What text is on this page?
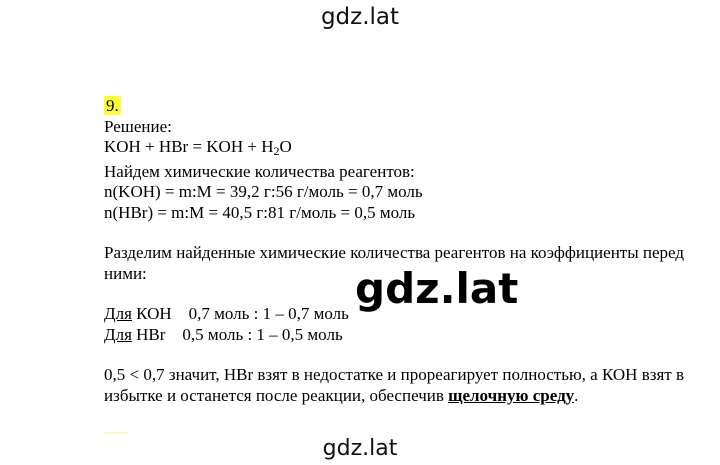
gdz.lat
9.
Решение:
KOH + HBr = KOH + $H_2O$
Найдем химические количества реагентов:
n(KOH) = m:M = 39,2 г:56 г/моль = 0,7 моль
n(HBr) = m:M = 40,5 г:81 г/моль = 0,5 моль
Разделим найденные химические количества реагентов на коэффициенты перед ними:
Для КОН    0,7 моль : 1 – 0,7 моль
Для HBr    0,5 моль : 1 – 0,5 моль
0,5 < 0,7 значит, HBr взят в недостатке и прореагирует полностью, а КОН взят в избытке и останется после реакции, обеспечив щелочную среду.
gdz.lat
gdz.lat
